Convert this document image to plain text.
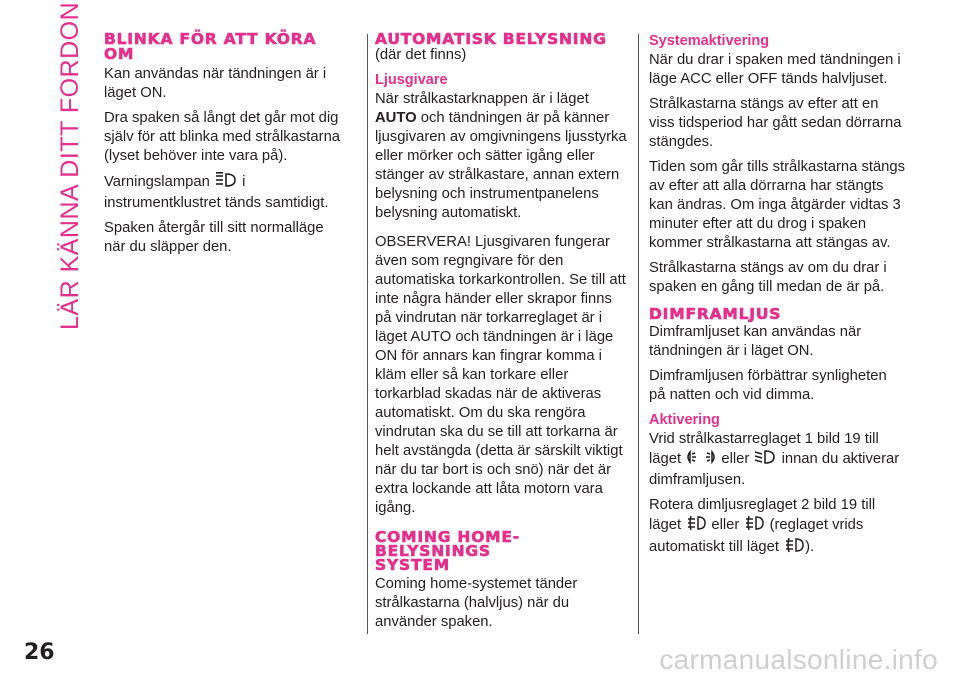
LÄR KÄNNA DITT FORDON BLINKA FÖR ATT KÖRA OM

Kan användas när tändningen är i läget ON.

Dra spaken så långt det går mot dig själv för att blinka med strålkastarna (lyset behöver inte vara på).

Varningslampan i instrumentklustret tänds samtidigt.

Spaken återgår till sitt normalläge när du släpper den.

AUTOMATISK BELYSNING

(där det finns)

Ljusgivare

När strålkastarknappen är i läget AUTO och tändningen är på känner ljusgivaren av omgivningens ljusstyrka eller mörker och sätter igång eller stänger av strålkastare, annan extern belysning och instrumentpanelens belysning automatiskt.

OBSERVERA! Ljusgivaren fungerar även som regngivare för den automatiska torkarkontrollen. Se till att inte några händer eller skrapor finns på vindrutan när torkarreglaget är i läget AUTO och tändningen är i läge ON för annars kan fingrar komma i kläm eller så kan torkare eller torkarblad skadas när de aktiveras automatiskt. Om du ska rengöra vindrutan ska du se till att torkarna är helt avstängda (detta är särskilt viktigt när du tar bort is och snö) när det är extra lockande att låta motorn vara igång.

COMING HOME-
BELYSNINGS
SYSTEM

Coming home-systemet tänder strålkastarna (halvljus) när du använder spaken.

Systemaktivering

När du drar i spaken med tändningen i läge ACC eller OFF tänds halvljuset.

Strålkastarna stängs av efter att en viss tidsperiod har gått sedan dörrarna stängdes.

Tiden som går tills strålkastarna stängs av efter att alla dörrarna har stängts kan ändras. Om inga åtgärder vidtas 3 minuter efter att du drog i spaken kommer strålkastarna att stängas av.

Strålkastarna stängs av om du drar i spaken en gång till medan de är på.

DIMFRAMLJUS

Dimframljuset kan användas när tändningen är i läget ON.

Dimframljusen förbättrar synligheten på natten och vid dimma.

Aktivering

Vrid strålkastarreglaget 1 bild 19 till läget	eller innan du aktiverar dimframljusen.

Rotera dimljusreglaget 2 bild 19 till läget eller (reglaget vrids automatiskt till läget ).

26	carmanualsonline.info
